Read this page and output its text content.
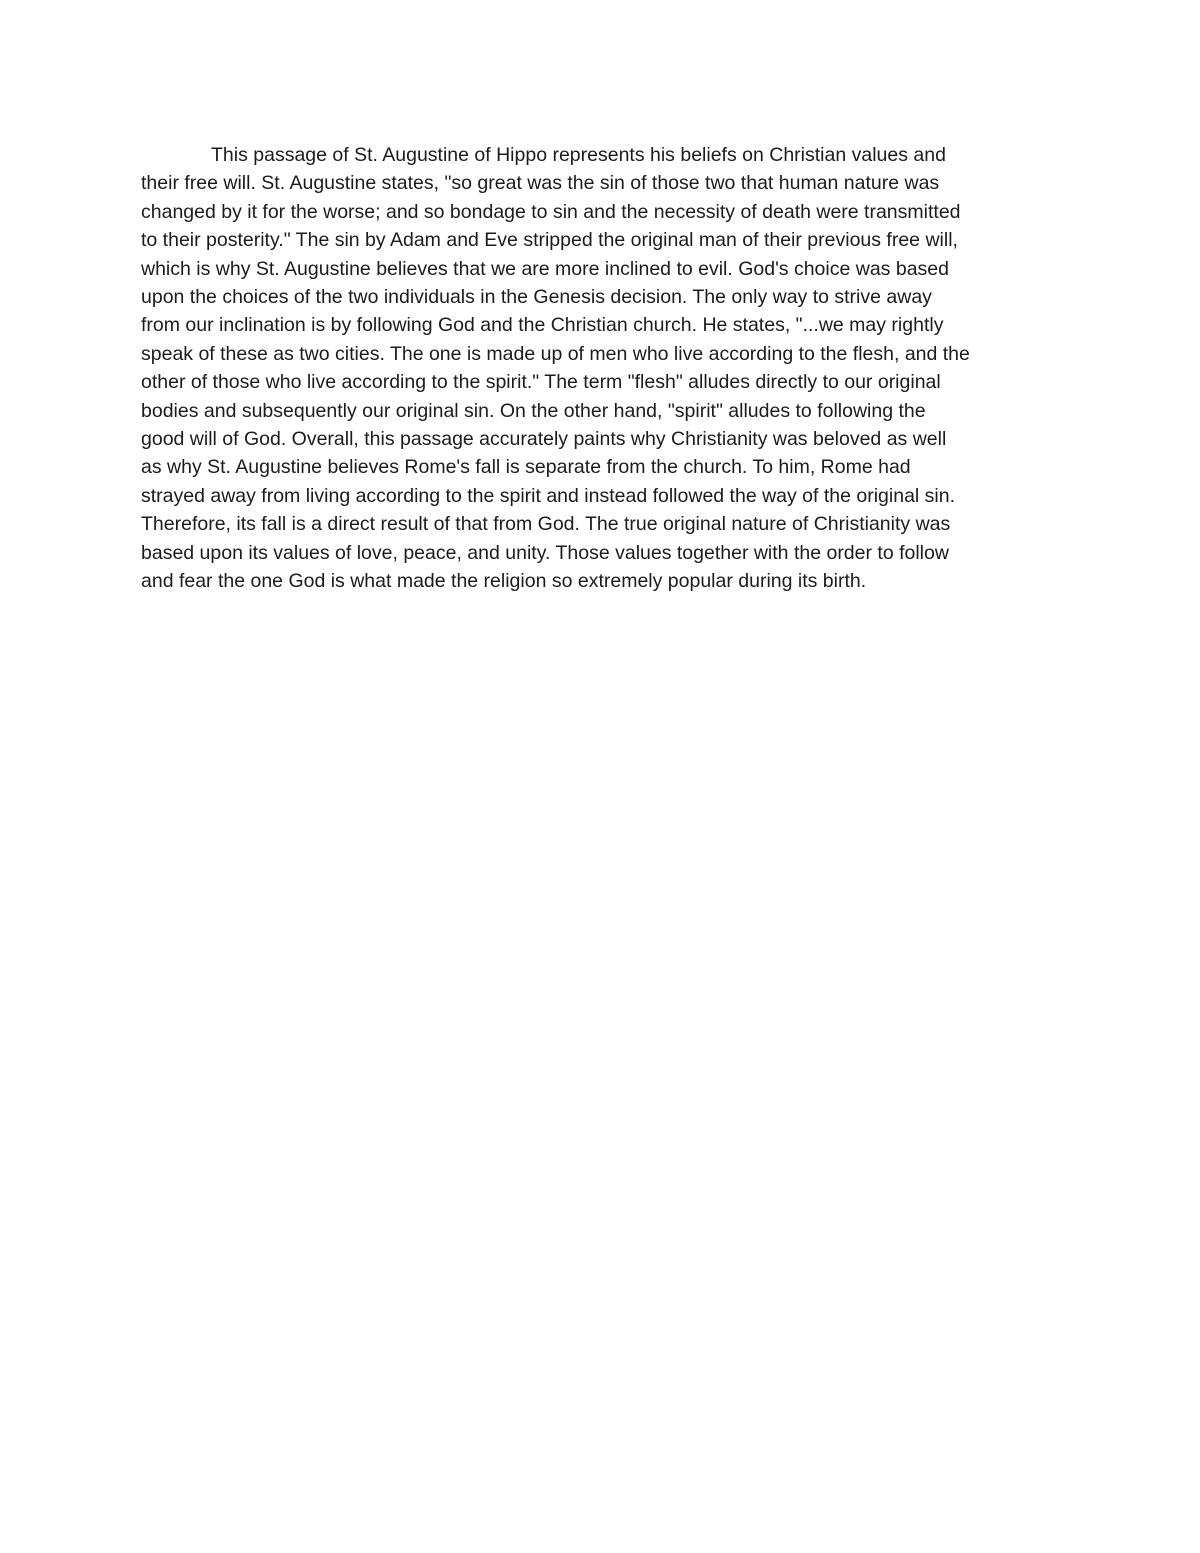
This passage of St. Augustine of Hippo represents his beliefs on Christian values and
their free will. St. Augustine states, "so great was the sin of those two that human nature was
changed by it for the worse; and so bondage to sin and the necessity of death were transmitted
to their posterity." The sin by Adam and Eve stripped the original man of their previous free will,
which is why St. Augustine believes that we are more inclined to evil. God's choice was based
upon the choices of the two individuals in the Genesis decision. The only way to strive away
from our inclination is by following God and the Christian church. He states, "...we may rightly
speak of these as two cities. The one is made up of men who live according to the flesh, and the
other of those who live according to the spirit." The term "flesh" alludes directly to our original
bodies and subsequently our original sin. On the other hand, "spirit" alludes to following the
good will of God. Overall, this passage accurately paints why Christianity was beloved as well
as why St. Augustine believes Rome's fall is separate from the church. To him, Rome had
strayed away from living according to the spirit and instead followed the way of the original sin.
Therefore, its fall is a direct result of that from God. The true original nature of Christianity was
based upon its values of love, peace, and unity. Those values together with the order to follow
and fear the one God is what made the religion so extremely popular during its birth.
